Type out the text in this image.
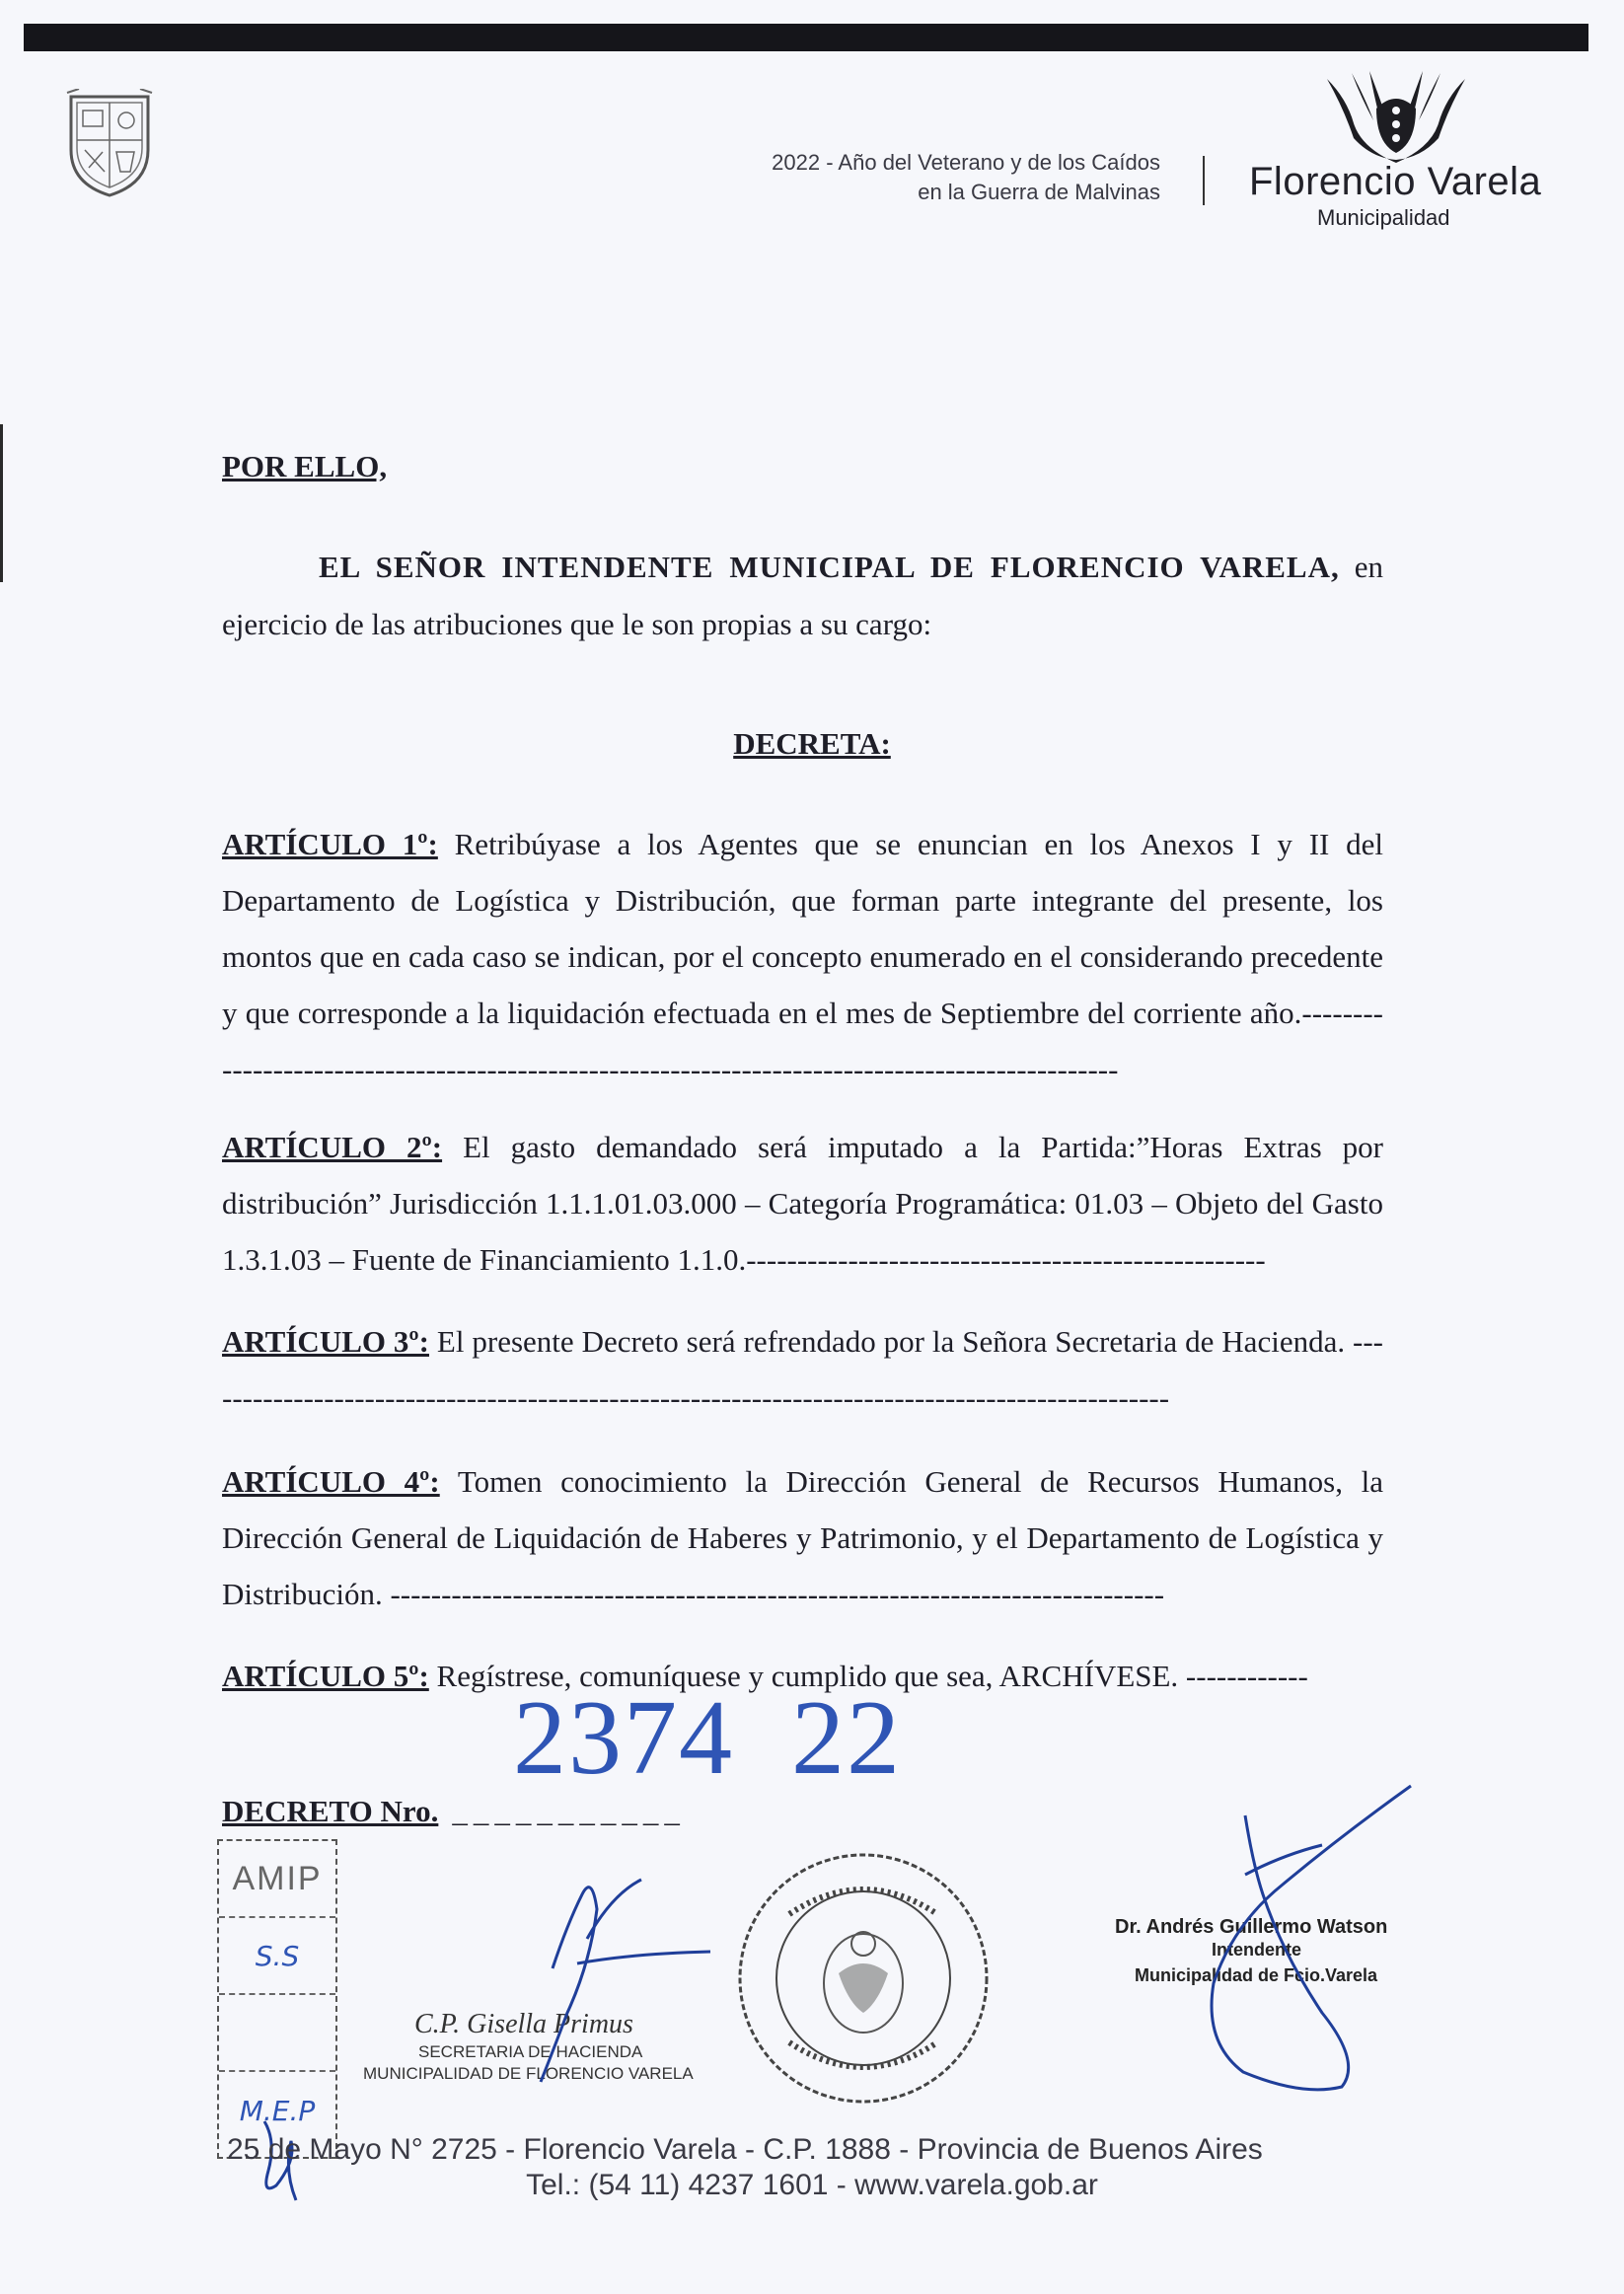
2022 - Año del Veterano y de los Caídos
en la Guerra de Malvinas Florencio Varela
Municipalidad
POR ELLO,
EL SEÑOR INTENDENTE MUNICIPAL DE FLORENCIO VARELA, en ejercicio de las atribuciones que le son propias a su cargo:
DECRETA:
ARTÍCULO 1º: Retribúyase a los Agentes que se enuncian en los Anexos I y II del Departamento de Logística y Distribución, que forman parte integrante del presente, los montos que en cada caso se indican, por el concepto enumerado en el considerando precedente y que corresponde a la liquidación efectuada en el mes de Septiembre del corriente año.------------------------------------------------------------------------------------------------
ARTÍCULO 2º: El gasto demandado será imputado a la Partida:”Horas Extras por distribución” Jurisdicción 1.1.1.01.03.000 – Categoría Programática: 01.03 – Objeto del Gasto 1.3.1.03 – Fuente de Financiamiento 1.1.0.---------------------------------------------------
ARTÍCULO 3º: El presente Decreto será refrendado por la Señora Secretaria de Hacienda. ------------------------------------------------------------------------------------------------
ARTÍCULO 4º: Tomen conocimiento la Dirección General de Recursos Humanos, la Dirección General de Liquidación de Haberes y Patrimonio, y el Departamento de Logística y Distribución. ----------------------------------------------------------------------------
ARTÍCULO 5º: Regístrese, comuníquese y cumplido que sea, ARCHÍVESE. ------------
2374  22
DECRETO Nro. ___________
AMIP
S.S
M.E.P
C.P. Gisella Primus
SECRETARIA DE HACIENDA
MUNICIPALIDAD DE FLORENCIO VARELA
Dr. Andrés Guillermo Watson
Intendente
Municipalidad de Fcio.Varela
25 de Mayo N° 2725 - Florencio Varela - C.P. 1888 - Provincia de Buenos Aires
Tel.: (54 11) 4237 1601 - www.varela.gob.ar
